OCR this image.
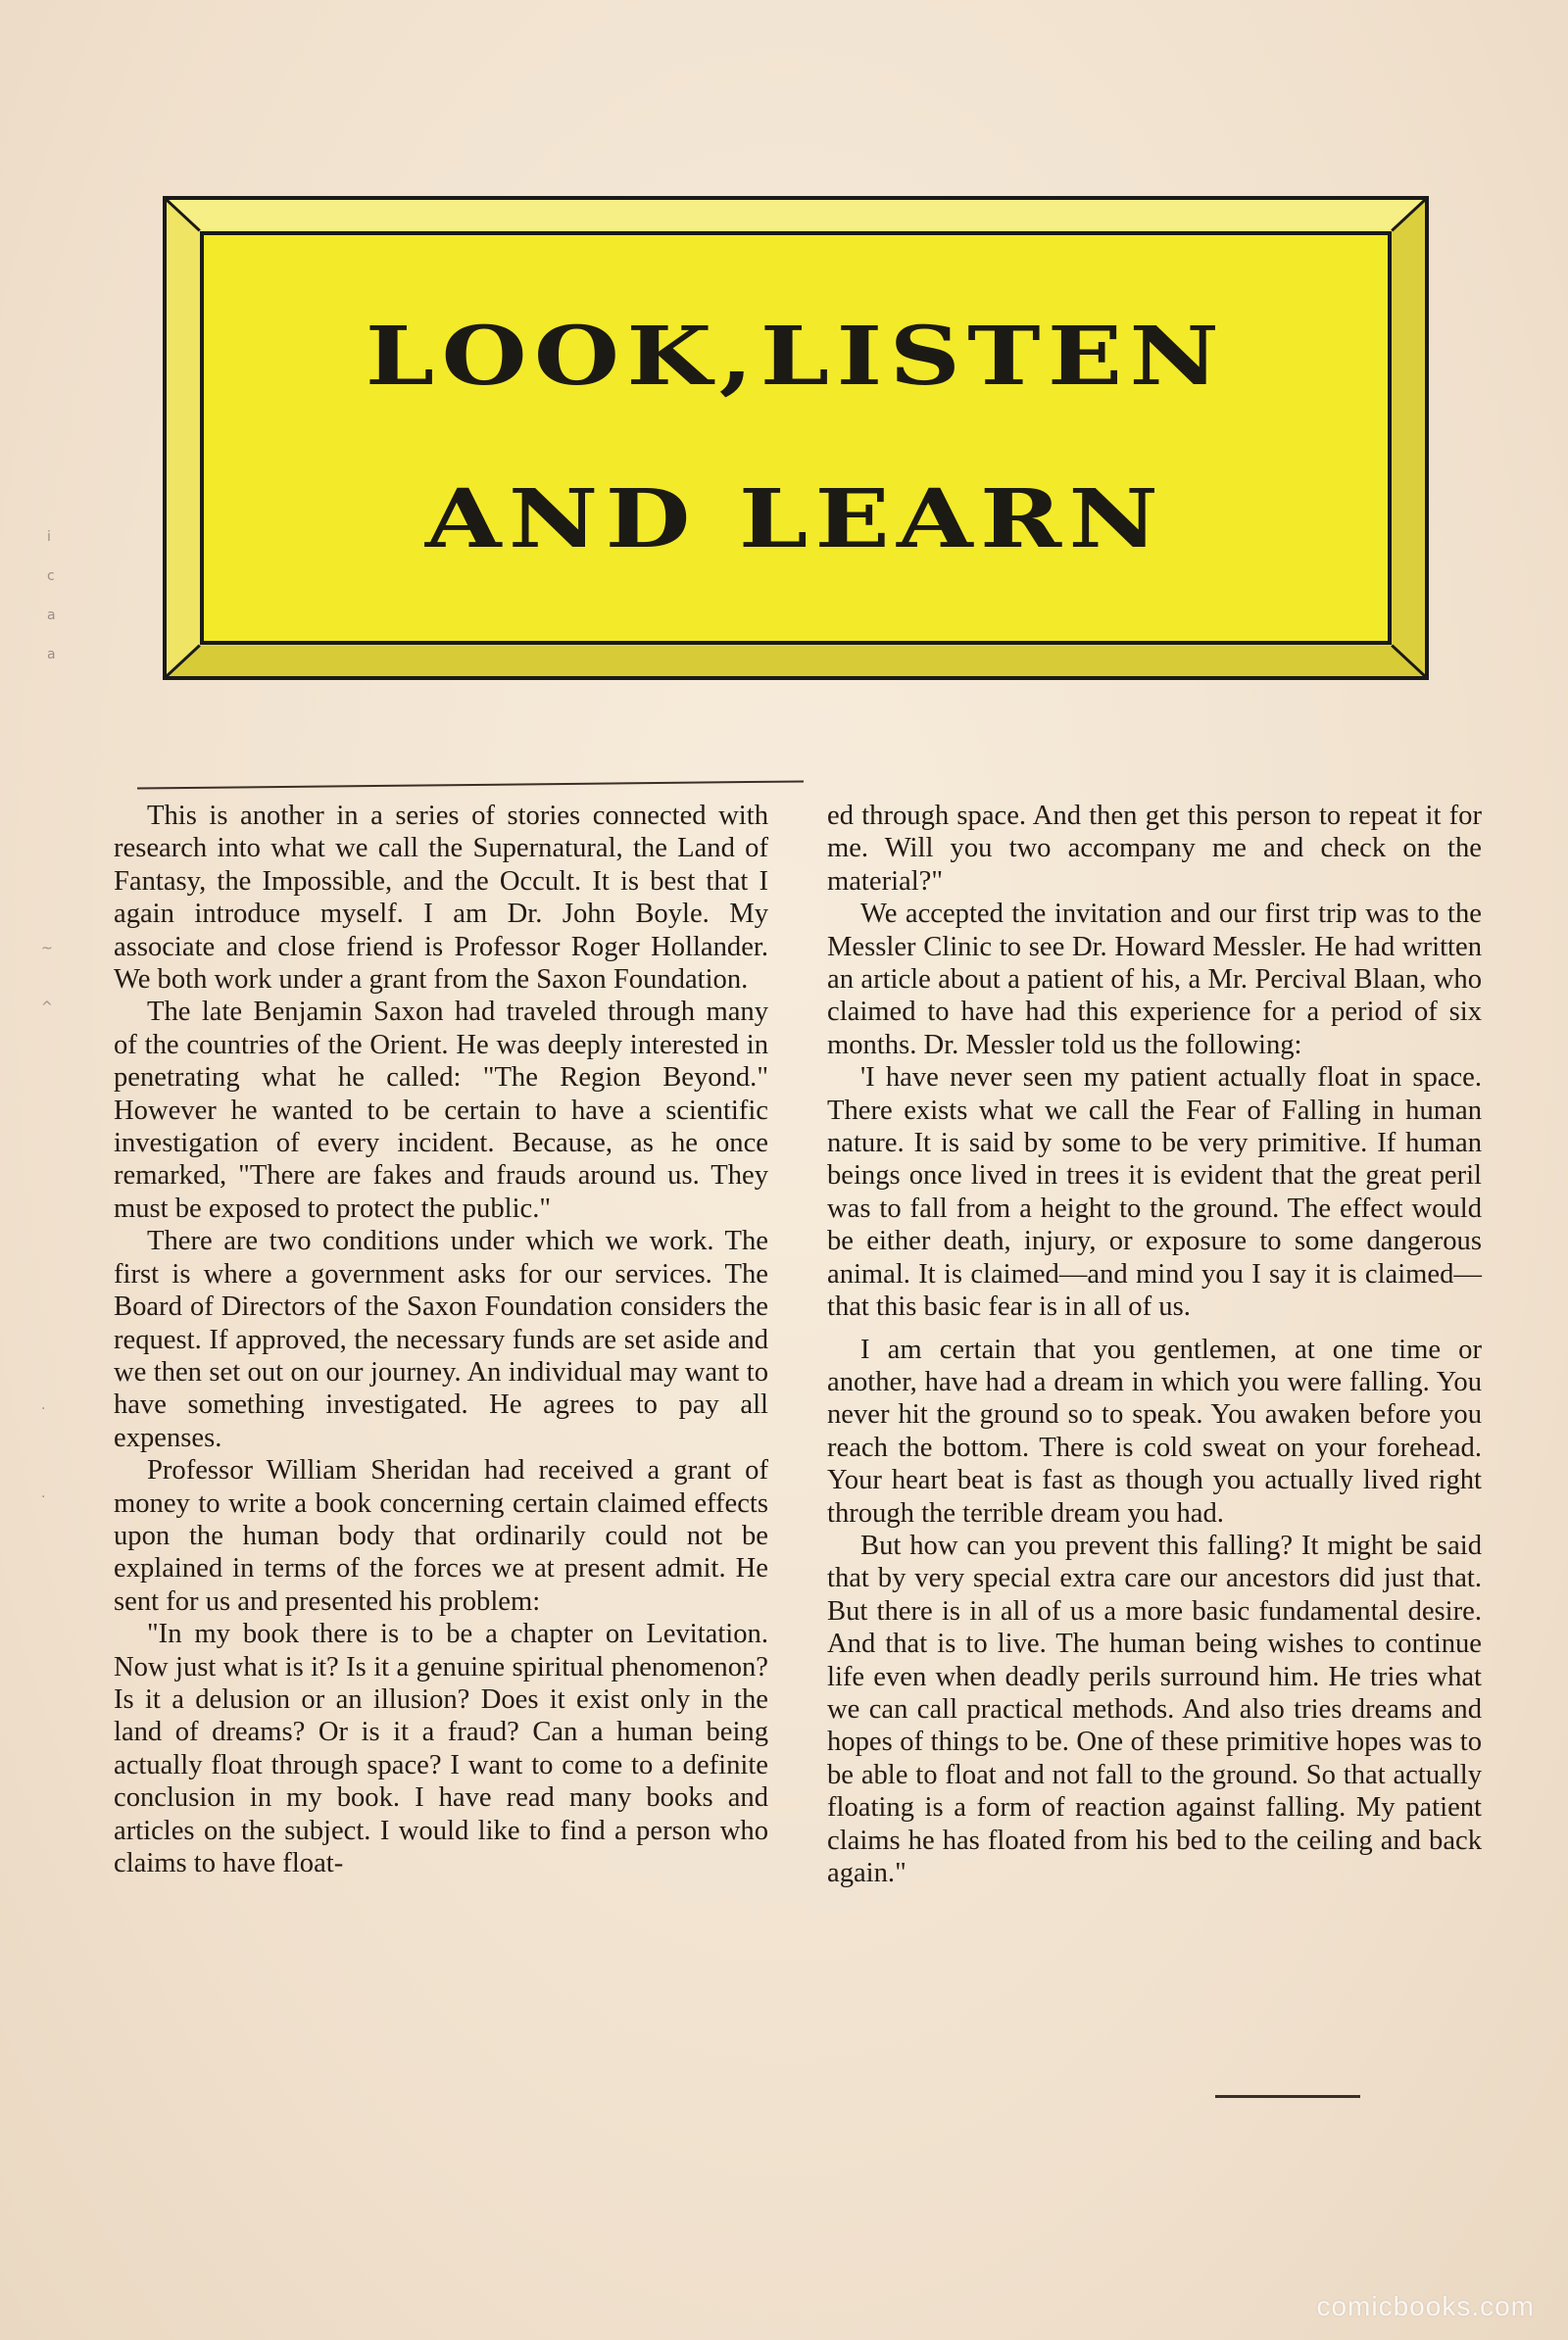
LOOK,LISTEN
AND LEARN
i
c
a
a
~
^
·
·

This is another in a series of stories connected with research into what we call the Supernatural, the Land of Fantasy, the Impossible, and the Occult. It is best that I again introduce myself. I am Dr. John Boyle. My associate and close friend is Professor Roger Hollander. We both work under a grant from the Saxon Foundation.

The late Benjamin Saxon had traveled through many of the countries of the Orient. He was deeply interested in penetrating what he called: "The Region Beyond." However he wanted to be certain to have a scientific investigation of every incident. Because, as he once remarked, "There are fakes and frauds around us. They must be exposed to protect the public."

There are two conditions under which we work. The first is where a government asks for our services. The Board of Directors of the Saxon Foundation considers the request. If approved, the necessary funds are set aside and we then set out on our journey. An individual may want to have something investigated. He agrees to pay all expenses.

Professor William Sheridan had received a grant of money to write a book concerning certain claimed effects upon the human body that ordinarily could not be explained in terms of the forces we at present admit. He sent for us and presented his problem:

"In my book there is to be a chapter on Levitation. Now just what is it? Is it a genuine spiritual phenomenon? Is it a delusion or an illusion? Does it exist only in the land of dreams? Or is it a fraud? Can a human being actually float through space? I want to come to a definite conclusion in my book. I have read many books and articles on the subject. I would like to find a person who claims to have float-

ed through space. And then get this person to repeat it for me. Will you two accompany me and check on the material?"

We accepted the invitation and our first trip was to the Messler Clinic to see Dr. Howard Messler. He had written an article about a patient of his, a Mr. Percival Blaan, who claimed to have had this experience for a period of six months. Dr. Messler told us the following:

'I have never seen my patient actually float in space. There exists what we call the Fear of Falling in human nature. It is said by some to be very primitive. If human beings once lived in trees it is evident that the great peril was to fall from a height to the ground. The effect would be either death, injury, or exposure to some dangerous animal. It is claimed—and mind you I say it is claimed—that this basic fear is in all of us.

I am certain that you gentlemen, at one time or another, have had a dream in which you were falling. You never hit the ground so to speak. You awaken before you reach the bottom. There is cold sweat on your forehead. Your heart beat is fast as though you actually lived right through the terrible dream you had.

But how can you prevent this falling? It might be said that by very special extra care our ancestors did just that. But there is in all of us a more basic fundamental desire. And that is to live. The human being wishes to continue life even when deadly perils surround him. He tries what we can call practical methods. And also tries dreams and hopes of things to be. One of these primitive hopes was to be able to float and not fall to the ground. So that actually floating is a form of reaction against falling. My patient claims he has floated from his bed to the ceiling and back again."

comicbooks.com
